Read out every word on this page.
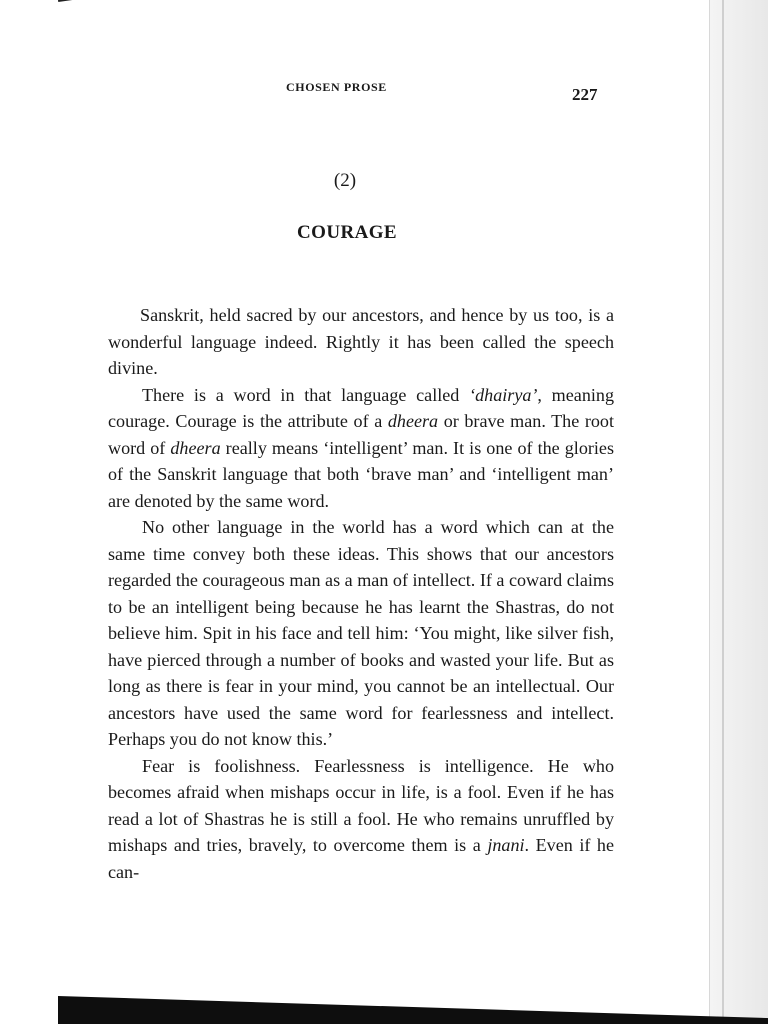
CHOSEN PROSE	227
(2)
COURAGE

Sanskrit, held sacred by our ancestors, and hence by us too, is a wonderful language indeed. Rightly it has been called the speech divine.

There is a word in that language called ‘dhairya’, meaning courage. Courage is the attribute of a dheera or brave man. The root word of dheera really means ‘intelligent’ man. It is one of the glories of the Sanskrit language that both ‘brave man’ and ‘intelligent man’ are denoted by the same word.

No other language in the world has a word which can at the same time convey both these ideas. This shows that our ancestors regarded the courageous man as a man of intellect. If a coward claims to be an intelligent being because he has learnt the Shastras, do not believe him. Spit in his face and tell him: ‘You might, like silver fish, have pierced through a number of books and wasted your life. But as long as there is fear in your mind, you cannot be an intellectual. Our ancestors have used the same word for fearlessness and intellect. Perhaps you do not know this.’

Fear is foolishness. Fearlessness is intelligence. He who becomes afraid when mishaps occur in life, is a fool. Even if he has read a lot of Shastras he is still a fool. He who remains unruffled by mishaps and tries, bravely, to overcome them is a jnani. Even if he can-
